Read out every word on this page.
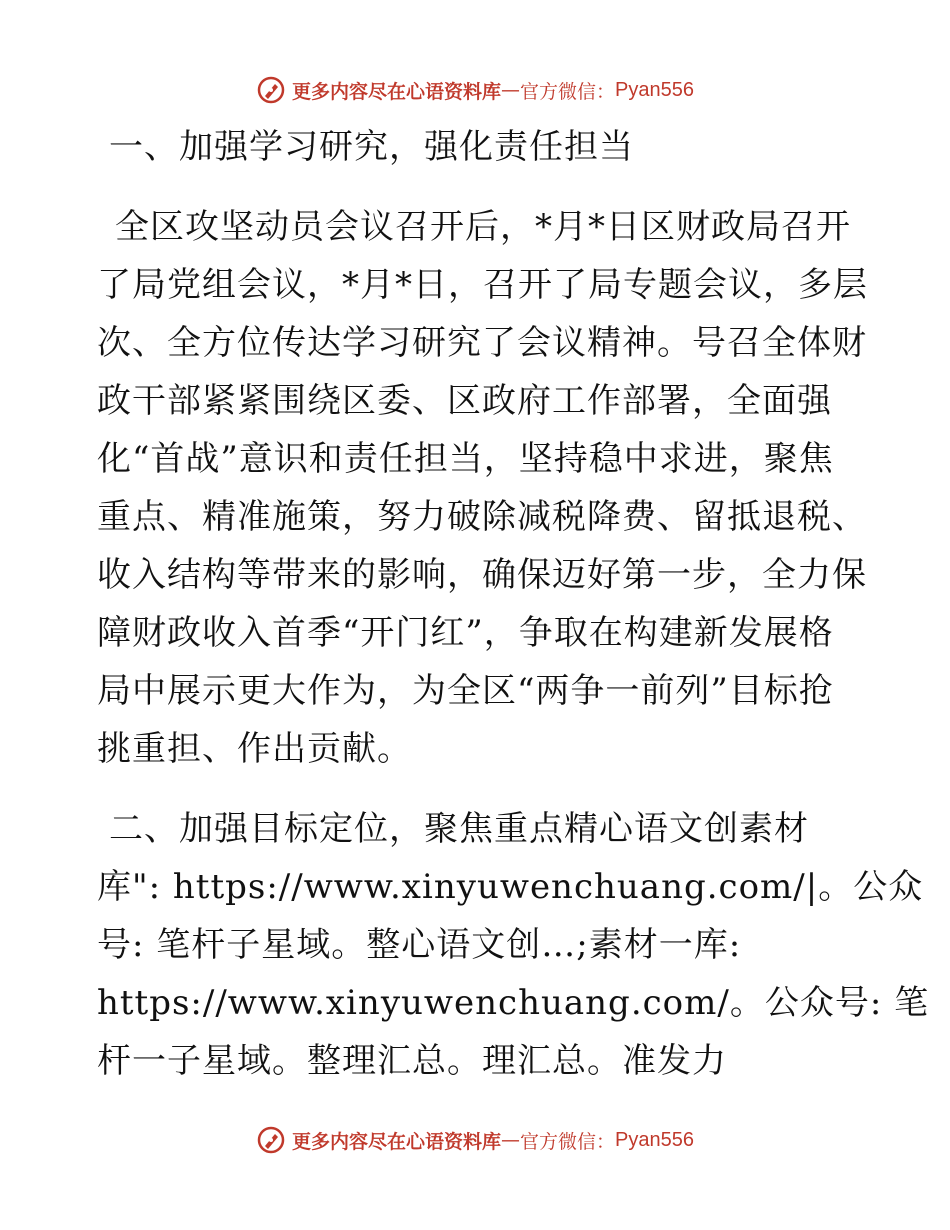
更多内容尽在心语资料库 — 官方微信： Pyan556
一、加强学习研究，强化责任担当
全区攻坚动员会议召开后，*月*日区财政局召开
了局党组会议，*月*日，召开了局专题会议，多层
次、全方位传达学习研究了会议精神。号召全体财
政干部紧紧围绕区委、区政府工作部署，全面强
化“首战”意识和责任担当，坚持稳中求进，聚焦
重点、精准施策，努力破除减税降费、留抵退税、
收入结构等带来的影响，确保迈好第一步，全力保
障财政收入首季“开门红”，争取在构建新发展格
局中展示更大作为，为全区“两争一前列”目标抢
挑重担、作出贡献。
二、加强目标定位，聚焦重点精心语文创素材
库": https://www.xinyuwenchuang.com/|。公众
号: 笔杆子星域。整心语文创…;素材一库:
https://www.xinyuwenchuang.com/。公众号: 笔
杆一子星域。整理汇总。理汇总。准发力
更多内容尽在心语资料库 — 官方微信： Pyan556
